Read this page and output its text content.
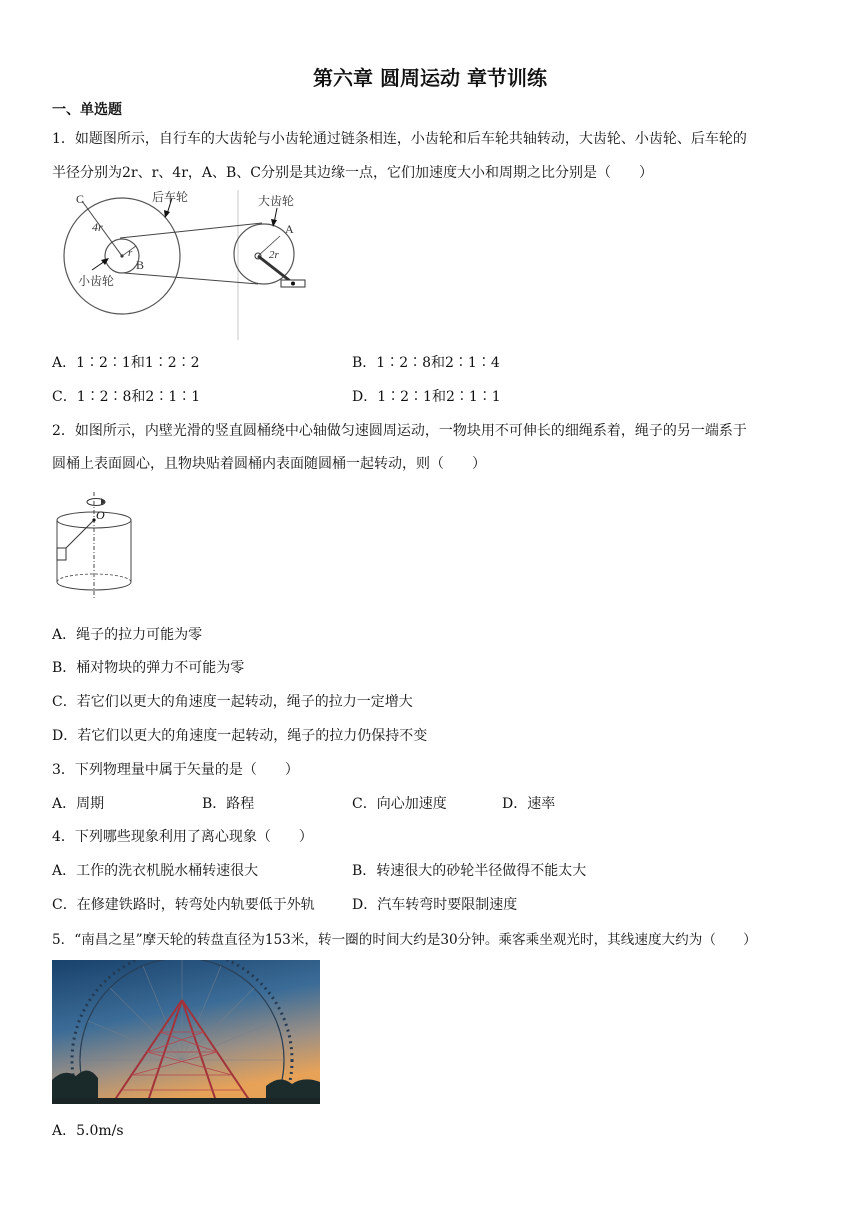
第六章 圆周运动 章节训练
一、单选题
1．如题图所示，自行车的大齿轮与小齿轮通过链条相连，小齿轮和后车轮共轴转动，大齿轮、小齿轮、后车轮的
半径分别为2r、r、4r，A、B、C分别是其边缘一点，它们加速度大小和周期之比分别是（　　）
C	后车轮
4r
r
B
小齿轮
大齿轮
A
2r
A．1∶2∶1和1∶2∶2	B．1∶2∶8和2∶1∶4
C．1∶2∶8和2∶1∶1	D．1∶2∶1和2∶1∶1
2．如图所示，内壁光滑的竖直圆桶绕中心轴做匀速圆周运动，一物块用不可伸长的细绳系着，绳子的另一端系于
圆桶上表面圆心，且物块贴着圆桶内表面随圆桶一起转动，则（　　）
O
A．绳子的拉力可能为零
B．桶对物块的弹力不可能为零
C．若它们以更大的角速度一起转动，绳子的拉力一定增大
D．若它们以更大的角速度一起转动，绳子的拉力仍保持不变
3．下列物理量中属于矢量的是（　　）
A．周期	B．路程	C．向心加速度	D．速率
4．下列哪些现象利用了离心现象（　　）
A．工作的洗衣机脱水桶转速很大	B．转速很大的砂轮半径做得不能太大
C．在修建铁路时，转弯处内轨要低于外轨	D．汽车转弯时要限制速度
5．“南昌之星”摩天轮的转盘直径为153米，转一圈的时间大约是30分钟。乘客乘坐观光时，其线速度大约为（　　）
A．5.0m/s
